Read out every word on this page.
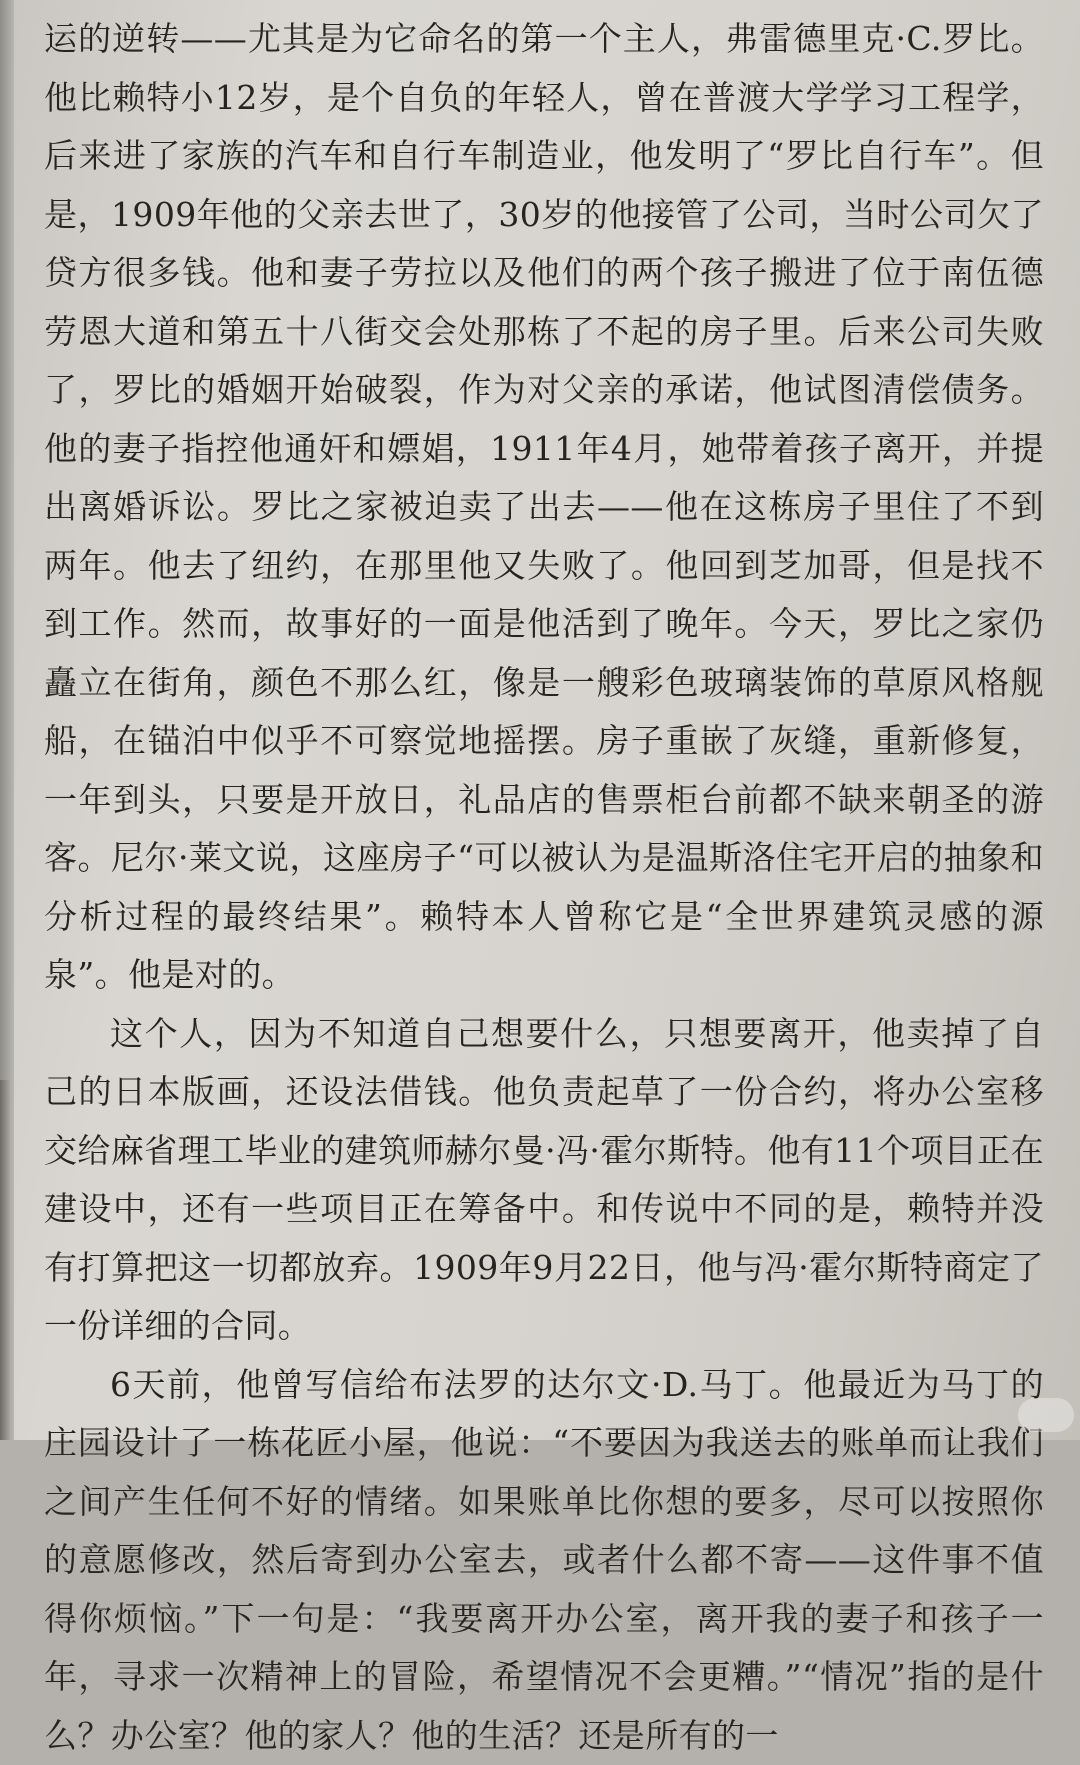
运的逆转——尤其是为它命名的第一个主人，弗雷德里克·C.罗比。他比赖特小12岁，是个自负的年轻人，曾在普渡大学学习工程学，后来进了家族的汽车和自行车制造业，他发明了“罗比自行车”。但是，1909年他的父亲去世了，30岁的他接管了公司，当时公司欠了贷方很多钱。他和妻子劳拉以及他们的两个孩子搬进了位于南伍德劳恩大道和第五十八街交会处那栋了不起的房子里。后来公司失败了，罗比的婚姻开始破裂，作为对父亲的承诺，他试图清偿债务。他的妻子指控他通奸和嫖娼，1911年4月，她带着孩子离开，并提出离婚诉讼。罗比之家被迫卖了出去——他在这栋房子里住了不到两年。他去了纽约，在那里他又失败了。他回到芝加哥，但是找不到工作。然而，故事好的一面是他活到了晚年。今天，罗比之家仍矗立在街角，颜色不那么红，像是一艘彩色玻璃装饰的草原风格舰船，在锚泊中似乎不可察觉地摇摆。房子重嵌了灰缝，重新修复，一年到头，只要是开放日，礼品店的售票柜台前都不缺来朝圣的游客。尼尔·莱文说，这座房子“可以被认为是温斯洛住宅开启的抽象和分析过程的最终结果”。赖特本人曾称它是“全世界建筑灵感的源泉”。他是对的。

这个人，因为不知道自己想要什么，只想要离开，他卖掉了自己的日本版画，还设法借钱。他负责起草了一份合约，将办公室移交给麻省理工毕业的建筑师赫尔曼·冯·霍尔斯特。他有11个项目正在建设中，还有一些项目正在筹备中。和传说中不同的是，赖特并没有打算把这一切都放弃。1909年9月22日，他与冯·霍尔斯特商定了一份详细的合同。

6天前，他曾写信给布法罗的达尔文·D.马丁。他最近为马丁的庄园设计了一栋花匠小屋，他说：“不要因为我送去的账单而让我们之间产生任何不好的情绪。如果账单比你想的要多，尽可以按照你的意愿修改，然后寄到办公室去，或者什么都不寄——这件事不值得你烦恼。”下一句是：“我要离开办公室，离开我的妻子和孩子一年，寻求一次精神上的冒险，希望情况不会更糟。”“情况”指的是什么？办公室？他的家人？他的生活？还是所有的一
